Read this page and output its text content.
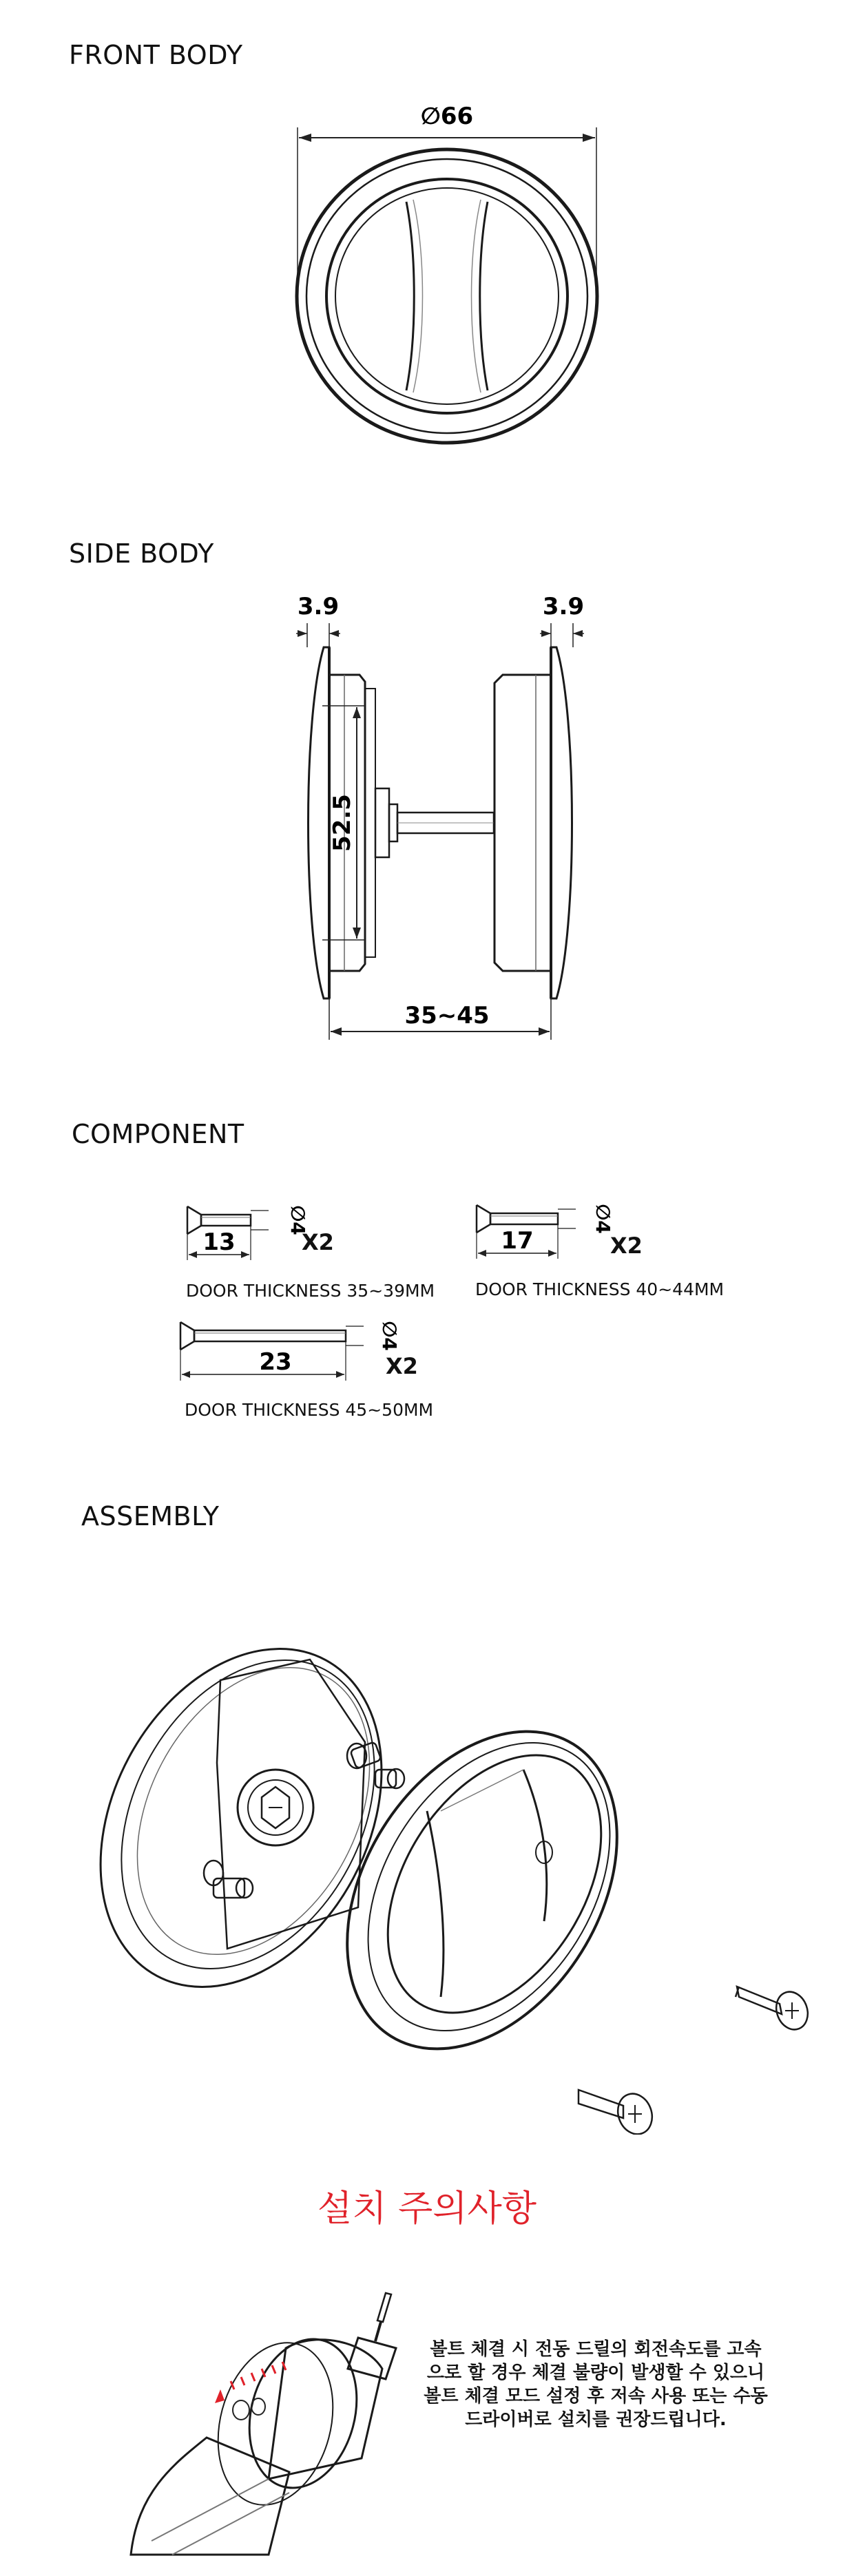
FRONT BODY
∅66
SIDE BODY
3.9	3.9
52.5
35~45
COMPONENT
13
∅4
17
∅4
23
∅4
X2
DOOR THICKNESS 35~39MM
X2
DOOR THICKNESS 40~44MM
X2
DOOR THICKNESS 45~50MM
ASSEMBLY
설치 주의사항
볼트 체결 시 전동 드릴의 회전속도를 고속
으로 할 경우 체결 불량이 발생할 수 있으니
볼트 체결 모드 설정 후 저속 사용 또는 수동
드라이버로 설치를 권장드립니다.
